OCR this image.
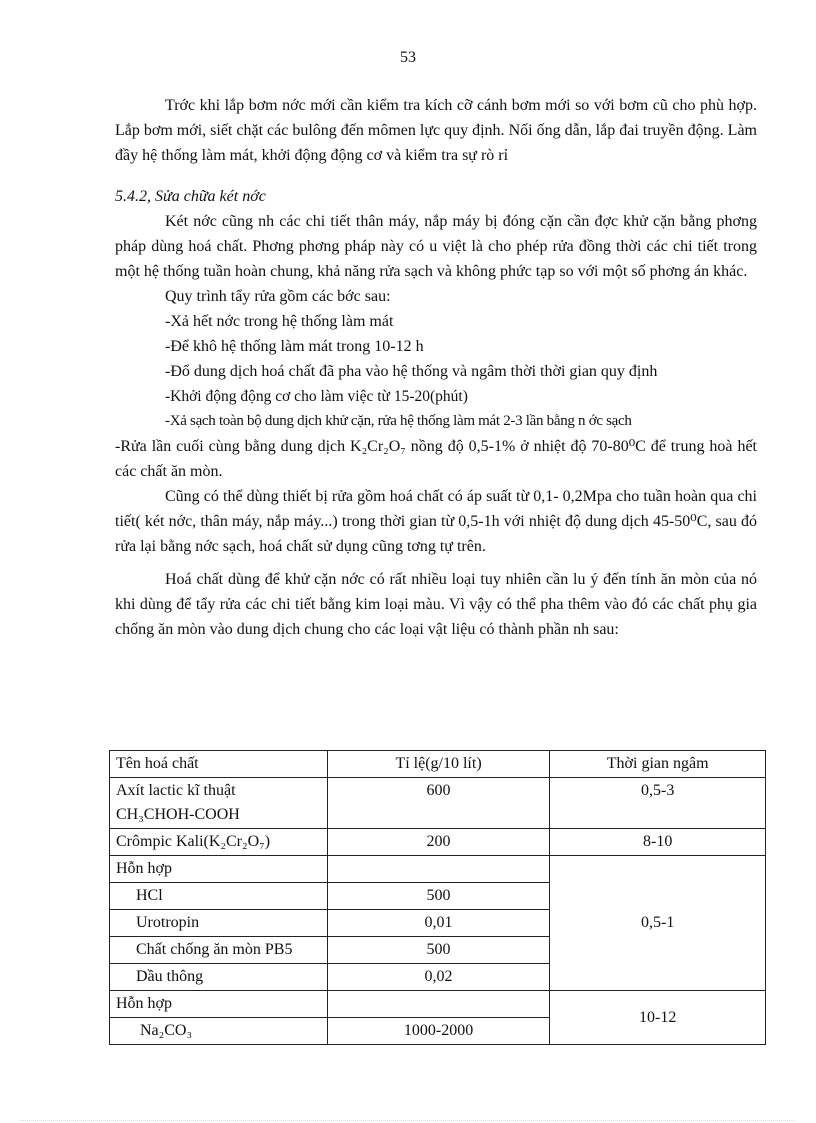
53

Trớc khi lắp bơm nớc mới cần kiểm tra kích cỡ cánh bơm mới so với bơm cũ cho phù hợp. Lắp bơm mới, siết chặt các bulông đến mômen lực quy định. Nối ống dẫn, lắp đai truyền động. Làm đầy hệ thống làm mát, khởi động động cơ và kiểm tra sự rò rỉ

5.4.2, Sửa chữa két nớc

Két nớc cũng nh các chi tiết thân máy, nắp máy bị đóng cặn cần đợc khử cặn bằng phơng pháp dùng hoá chất. Phơng phơng pháp này có u việt là cho phép rửa đồng thời các chi tiết trong một hệ thống tuần hoàn chung, khả năng rửa sạch và không phức tạp so với một số phơng án khác.

Quy trình tẩy rửa gồm các bớc sau:

-Xả hết nớc trong hệ thống làm mát

-Để khô hệ thống làm mát trong 10-12 h

-Đổ dung dịch hoá chất đã pha vào hệ thống và ngâm thời thời gian quy định

-Khởi động động cơ cho làm việc từ 15-20(phút)

-Xả sạch toàn bộ dung dịch khử cặn, rửa hệ thống làm mát 2-3 lần bằng n ớc sạch

-Rửa lần cuối cùng bằng dung dịch K₂Cr₂O₇ nồng độ 0,5-1% ở nhiệt độ 70-80⁰C để trung hoà hết các chất ăn mòn.

Cũng có thể dùng thiết bị rửa gồm hoá chất có áp suất từ 0,1- 0,2Mpa cho tuần hoàn qua chi tiết( két nớc, thân máy, nắp máy...) trong thời gian từ 0,5-1h với nhiệt độ dung dịch 45-50⁰C, sau đó rửa lại bằng nớc sạch, hoá chất sử dụng cũng tơng tự trên.

Hoá chất dùng để khử cặn nớc có rất nhiều loại tuy nhiên cần lu ý đến tính ăn mòn của nó khi dùng để tẩy rửa các chi tiết bằng kim loại màu. Vì vậy có thể pha thêm vào đó các chất phụ gia chống ăn mòn vào dung dịch chung cho các loại vật liệu có thành phần nh sau:

Tên hoá chất	Tỉ lệ(g/10 lít)	Thời gian ngâm

Axít lactic kĩ thuật
CH₃CHOH-COOH	600	0,5-3
Crômpic Kali(K₂Cr₂O₇)	200	8-10
Hỗn hợp		0,5-1
HCl	500	
Urotropin	0,01	
Chất chống ăn mòn PB5	500	
Dầu thông	0,02	
Hỗn hợp		10-12
Na₂CO₃	1000-2000	
